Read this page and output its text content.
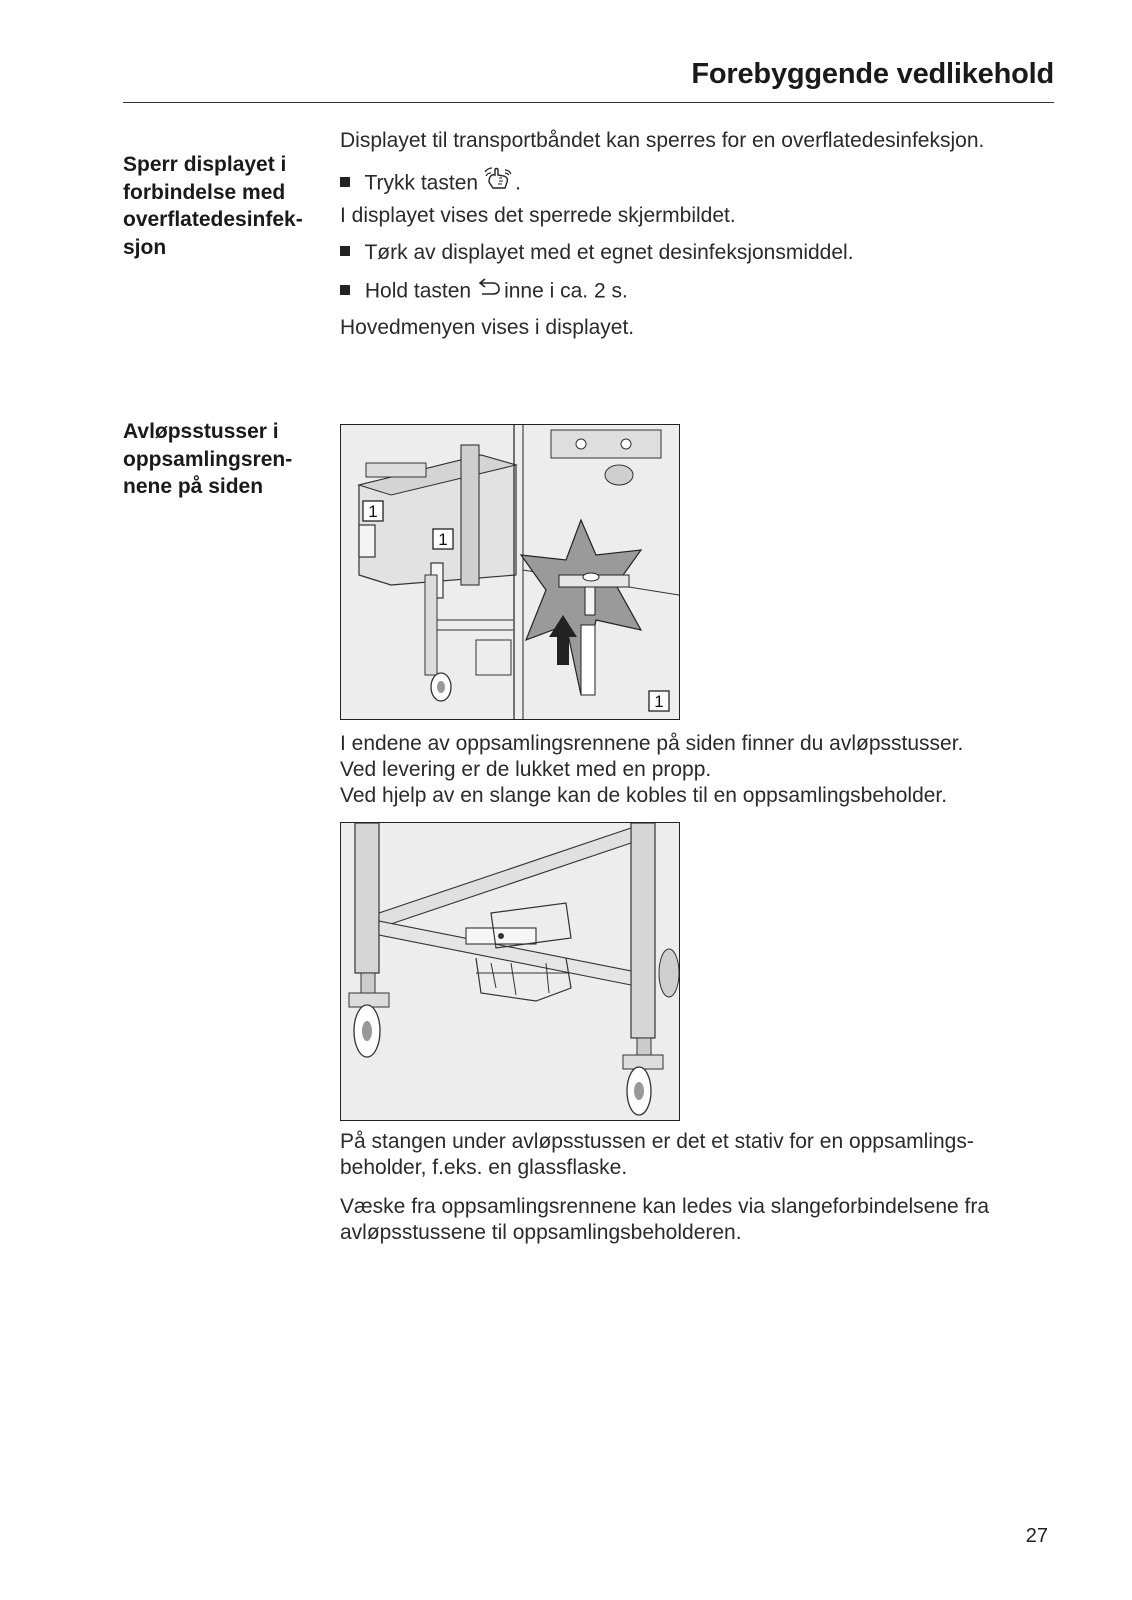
Forebyggende vedlikehold
Sperr displayet i
forbindelse med
overflatedesinfek-
sjon
Displayet til transportbåndet kan sperres for en overflatedesinfeksjon.
Trykk tasten .
I displayet vises det sperrede skjermbildet.
Tørk av displayet med et egnet desinfeksjonsmiddel.
Hold tasten inne i ca. 2 s.
Hovedmenyen vises i displayet.
Avløpsstusser i
oppsamlingsren-
nene på siden
1
1
1
I endene av oppsamlingsrennene på siden finner du avløpsstusser.
Ved levering er de lukket med en propp.
Ved hjelp av en slange kan de kobles til en oppsamlingsbeholder.
På stangen under avløpsstussen er det et stativ for en oppsamlings-
beholder, f.eks. en glassflaske.
Væske fra oppsamlingsrennene kan ledes via slangeforbindelsene fra
avløpsstussene til oppsamlingsbeholderen.
27
